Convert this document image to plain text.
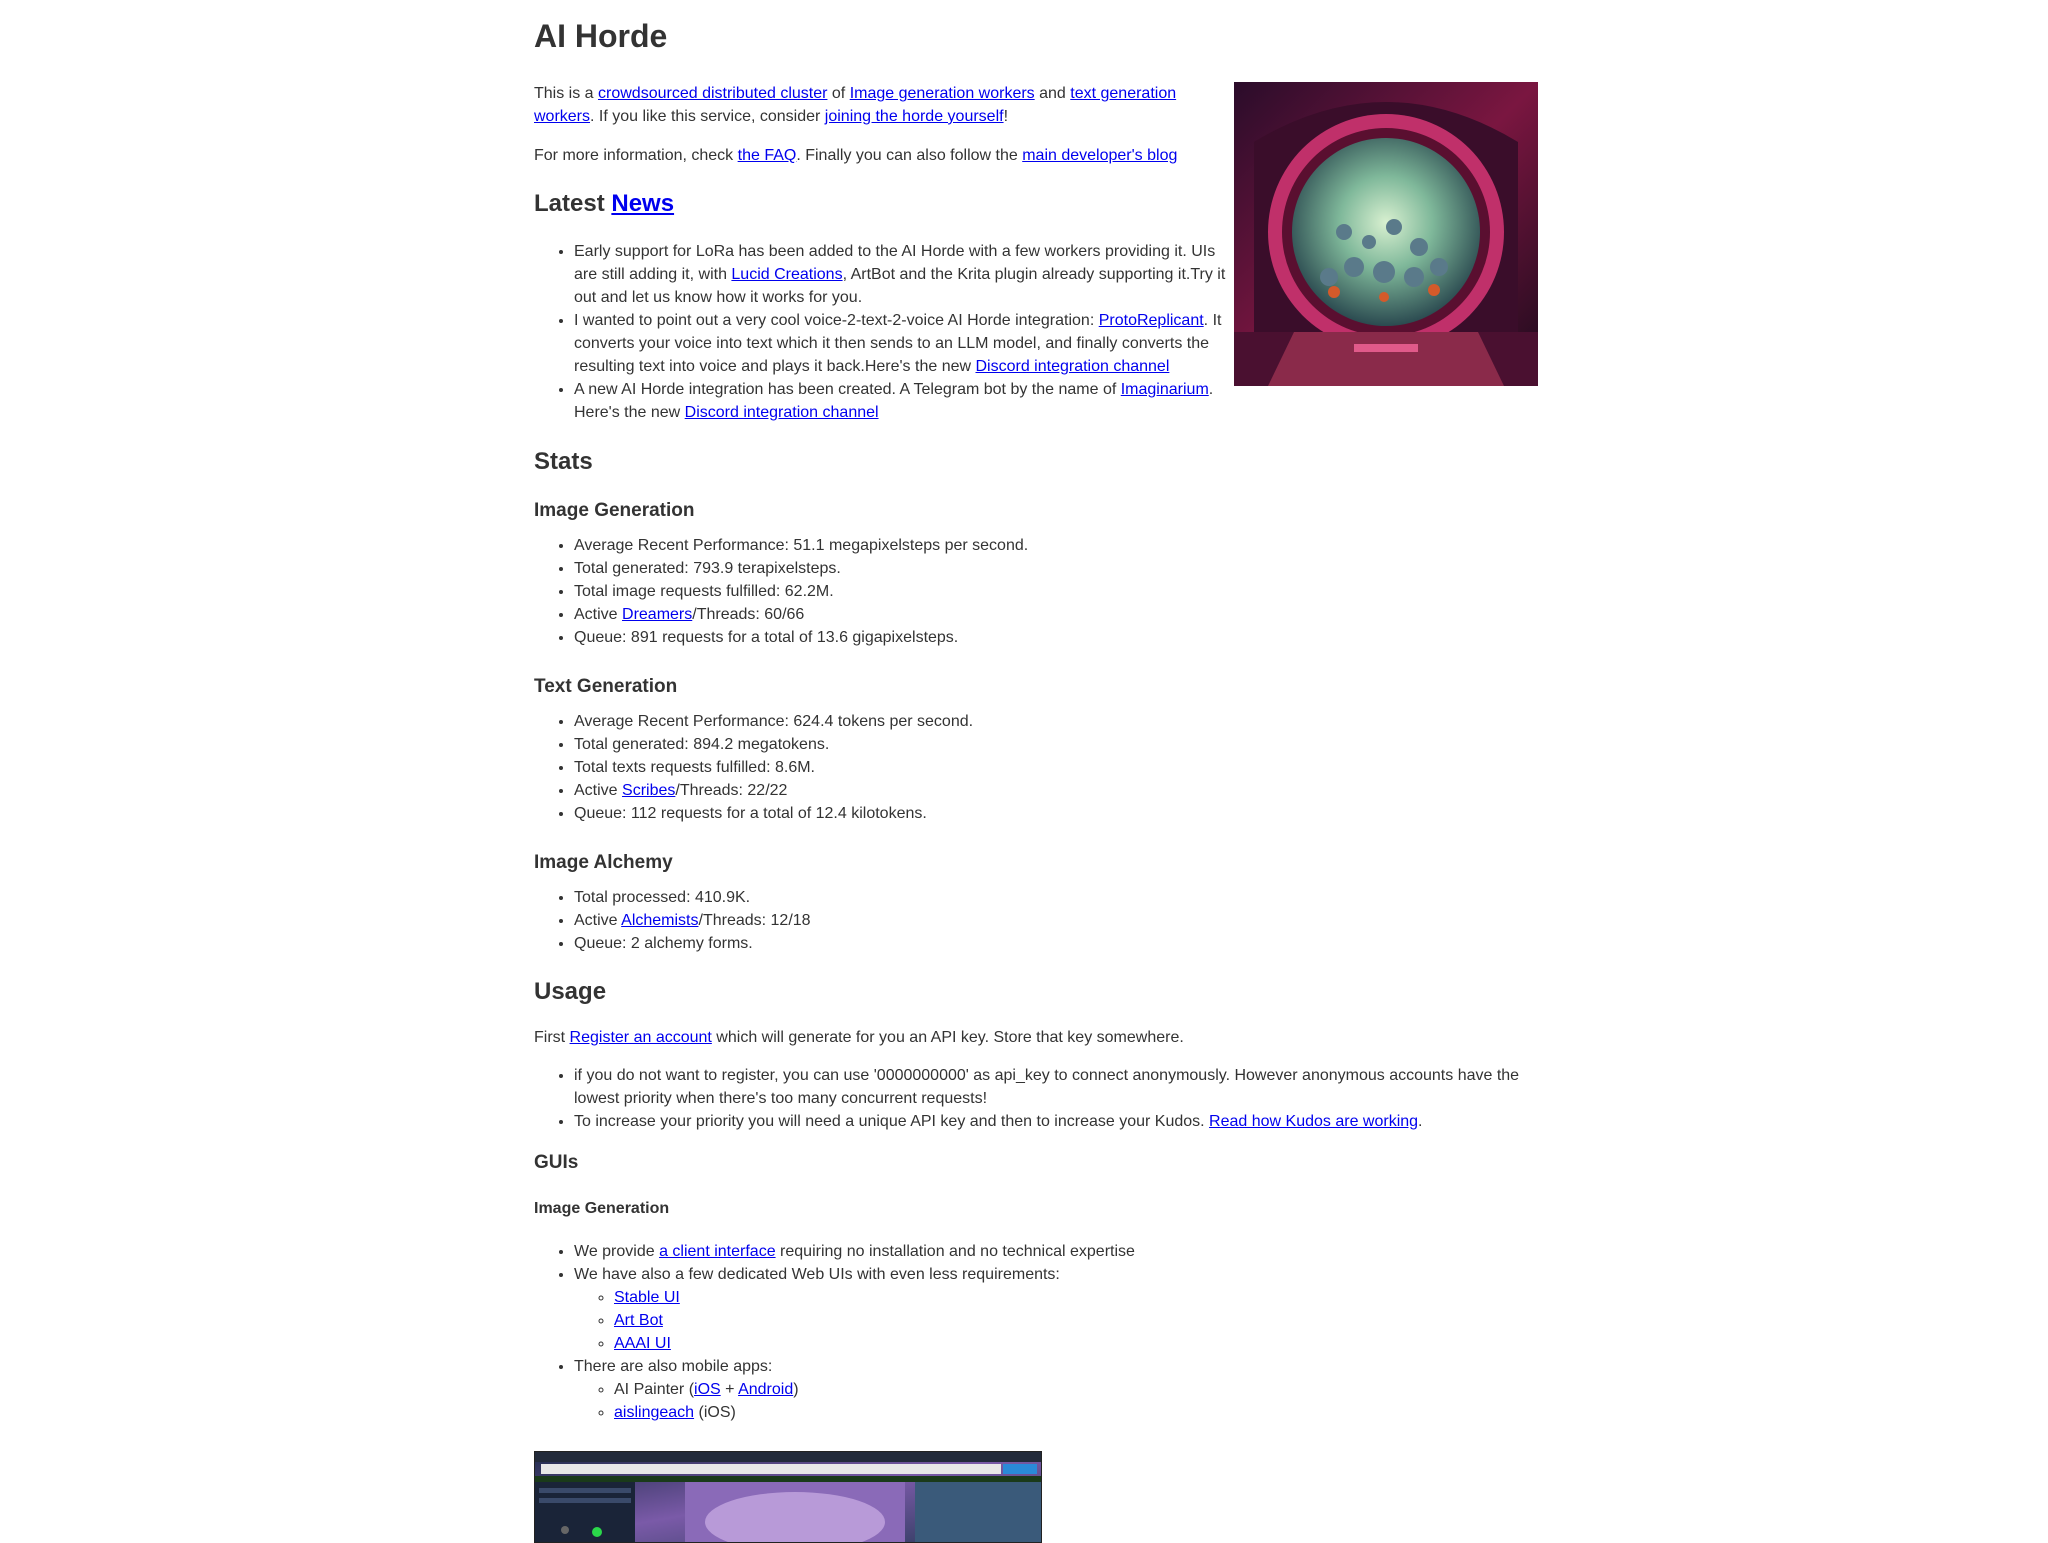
AI Horde

This is a crowdsourced distributed cluster of Image generation workers and text generation workers. If you like this service, consider joining the horde yourself!

For more information, check the FAQ. Finally you can also follow the main developer's blog

Latest News
• Early support for LoRa has been added to the AI Horde with a few workers providing it. UIs are still adding it, with Lucid Creations, ArtBot and the Krita plugin already supporting it.Try it out and let us know how it works for you.
• I wanted to point out a very cool voice-2-text-2-voice AI Horde integration: ProtoReplicant. It converts your voice into text which it then sends to an LLM model, and finally converts the resulting text into voice and plays it back.Here's the new Discord integration channel
• A new AI Horde integration has been created. A Telegram bot by the name of Imaginarium. Here's the new Discord integration channel
Stats
Image Generation
• Average Recent Performance: 51.1 megapixelsteps per second.
• Total generated: 793.9 terapixelsteps.
• Total image requests fulfilled: 62.2M.
• Active Dreamers/Threads: 60/66
• Queue: 891 requests for a total of 13.6 gigapixelsteps.
Text Generation
• Average Recent Performance: 624.4 tokens per second.
• Total generated: 894.2 megatokens.
• Total texts requests fulfilled: 8.6M.
• Active Scribes/Threads: 22/22
• Queue: 112 requests for a total of 12.4 kilotokens.
Image Alchemy
• Total processed: 410.9K.
• Active Alchemists/Threads: 12/18
• Queue: 2 alchemy forms.
Usage
First Register an account which will generate for you an API key. Store that key somewhere.
• if you do not want to register, you can use '0000000000' as api_key to connect anonymously. However anonymous accounts have the lowest priority when there's too many concurrent requests!
• To increase your priority you will need a unique API key and then to increase your Kudos. Read how Kudos are working.
GUIs
Image Generation
• We provide a client interface requiring no installation and no technical expertise
• We have also a few dedicated Web UIs with even less requirements:
◦ Stable UI
◦ Art Bot
◦ AAAI UI
• There are also mobile apps:
◦ AI Painter (iOS + Android)
◦ aislingeach (iOS)
